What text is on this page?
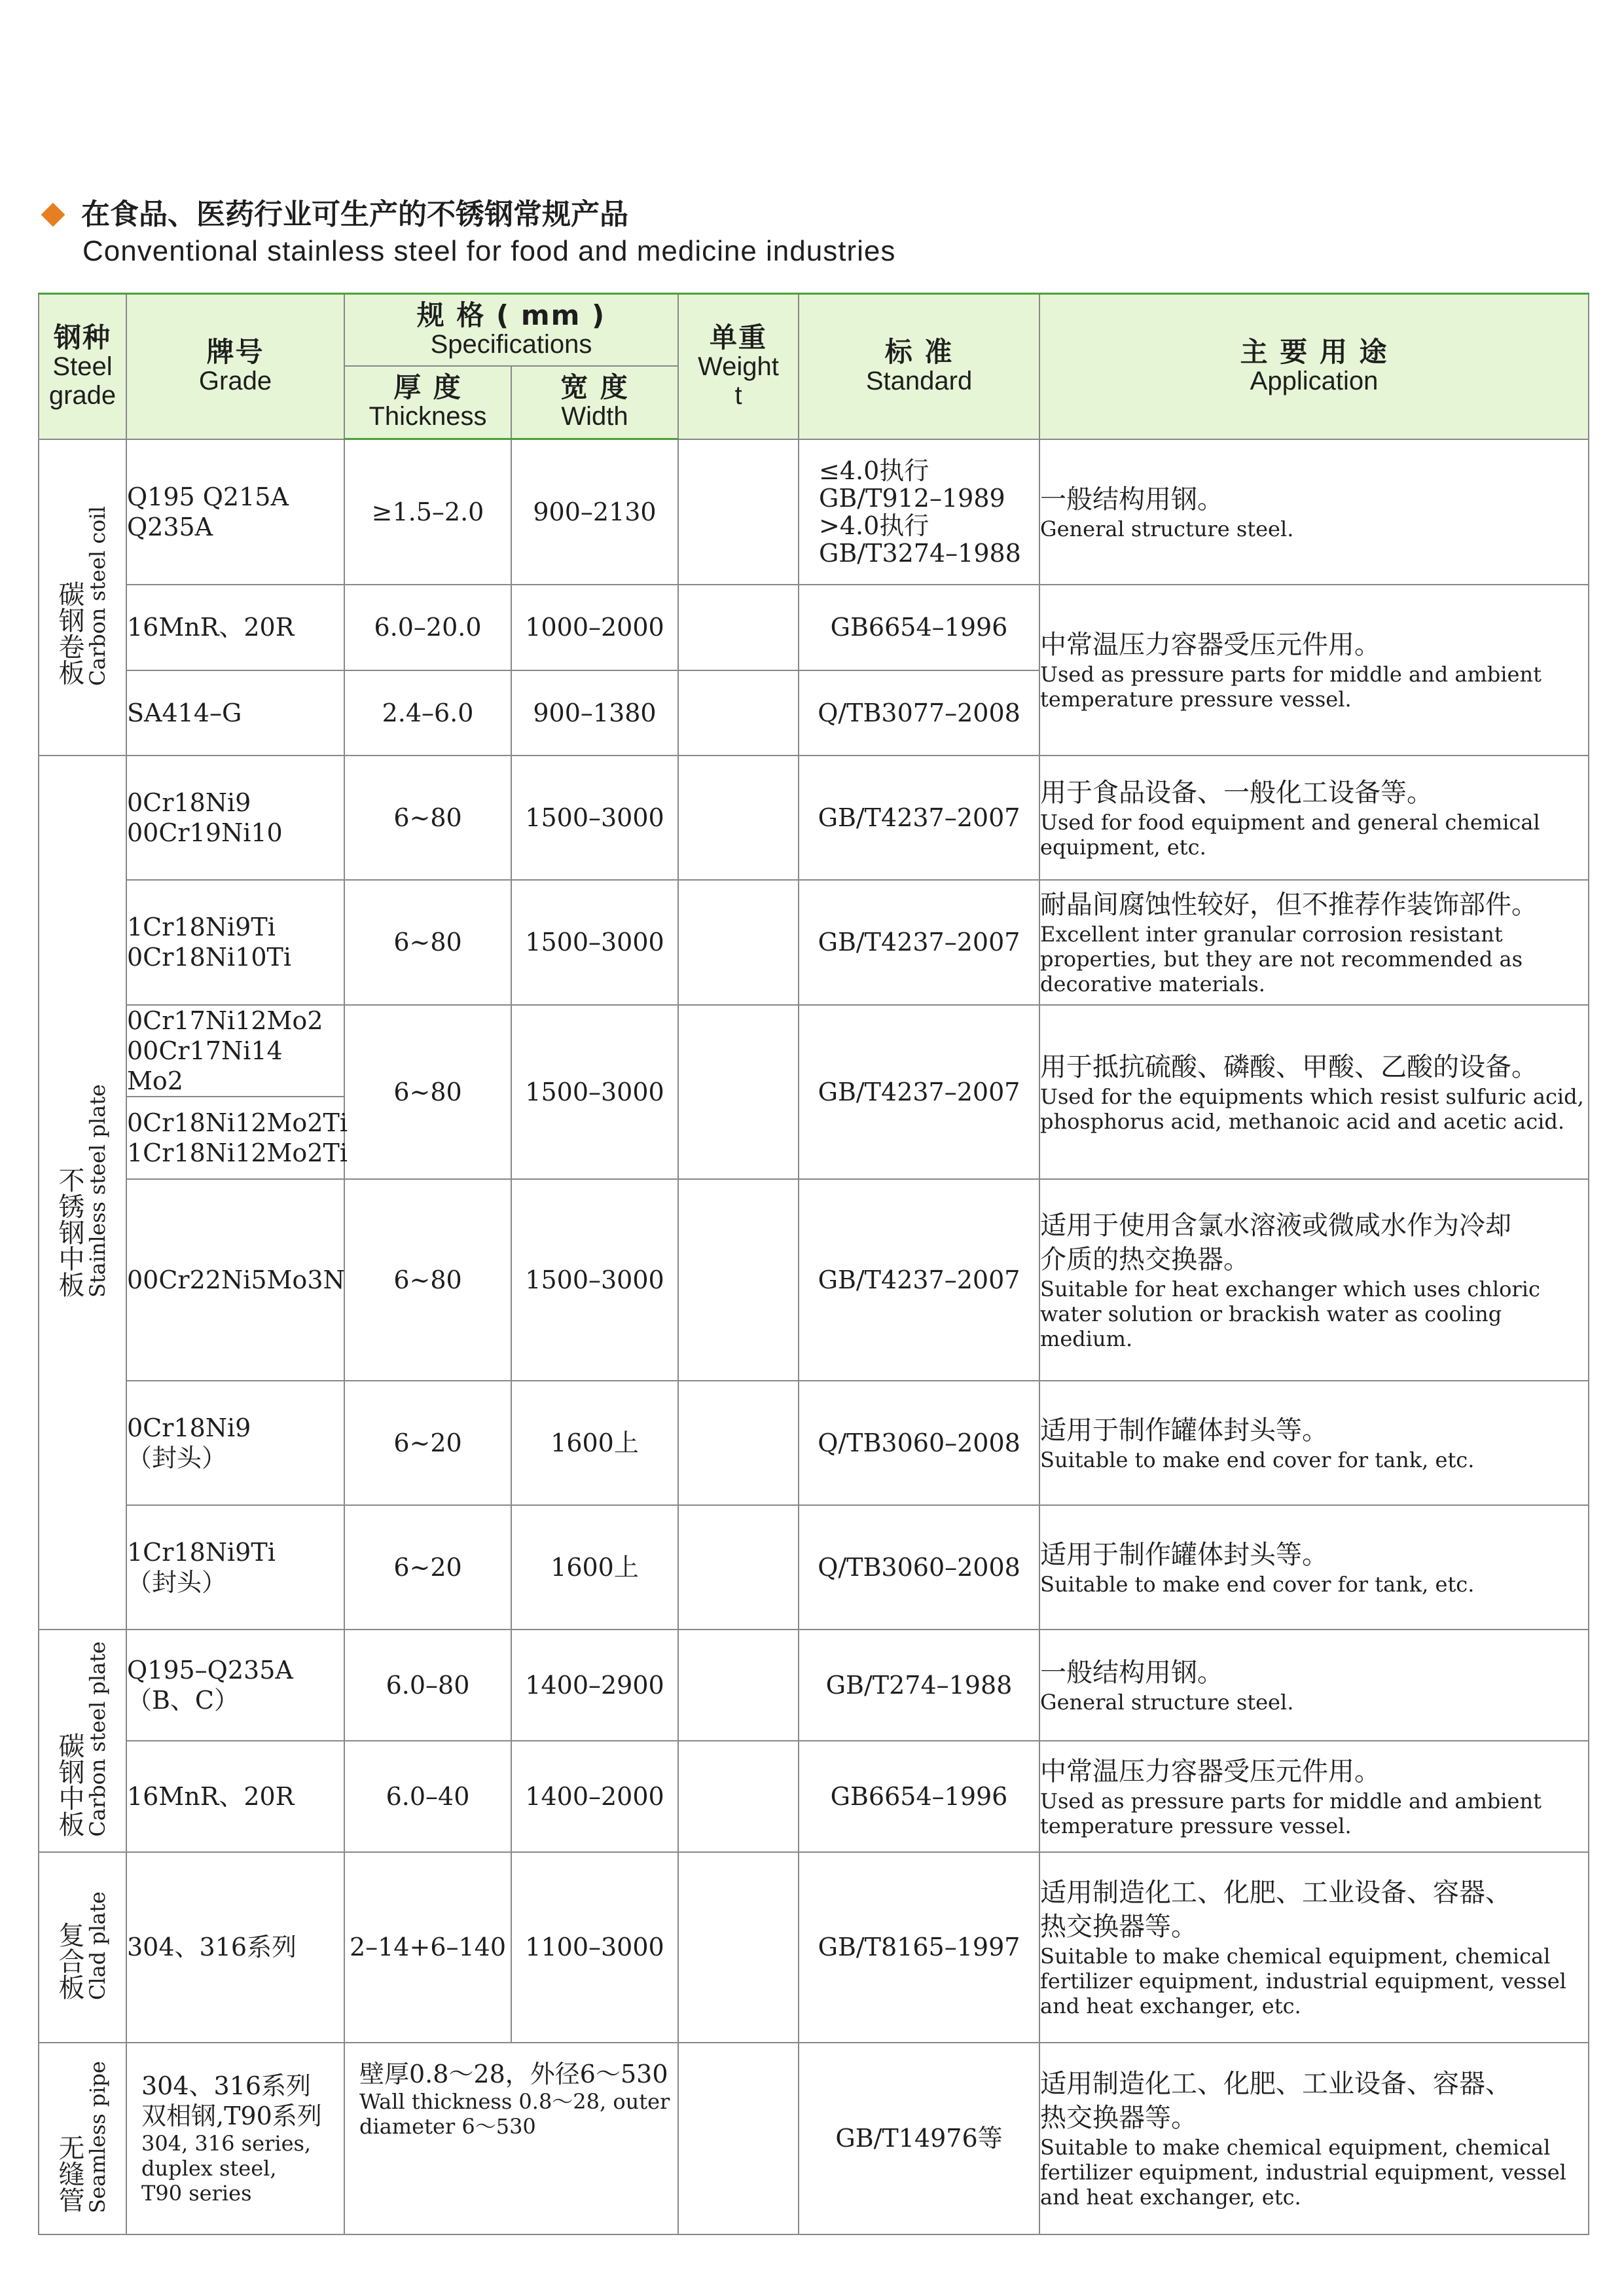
在食品、医药行业可生产的不锈钢常规产品
Conventional stainless steel for food and medicine industries
钢种
Steel
grade	牌号
Grade	规 格 ( mm )
Specifications		单重
Weight
t	标 准
Standard	主 要 用 途
Application

		厚 度
Thickness	宽 度
Width			

碳钢卷板Carbon steel coil	Q195 Q215A
Q235A	≥1.5–2.0	900–2130		≤4.0执行
GB/T912–1989
>4.0执行
GB/T3274–1988	一般结构用钢。
General structure steel.

	16MnR、20R	6.0–20.0	1000–2000		GB6654–1996	中常温压力容器受压元件用。
Used as pressure parts for middle and ambient temperature pressure vessel.

	SA414–G	2.4–6.0	900–1380		Q/TB3077–2008	
不锈钢中板Stainless steel plate	0Cr18Ni9
00Cr19Ni10	6~80	1500–3000		GB/T4237–2007	用于食品设备、一般化工设备等。
Used for food equipment and general chemical equipment, etc.

	1Cr18Ni9Ti
0Cr18Ni10Ti	6~80	1500–3000		GB/T4237–2007	耐晶间腐蚀性较好，但不推荐作装饰部件。
Excellent inter granular corrosion resistant properties, but they are not recommended as decorative materials.

	0Cr17Ni12Mo2
00Cr17Ni14 Mo2	6~80	1500–3000		GB/T4237–2007	用于抵抗硫酸、磷酸、甲酸、乙酸的设备。
Used for the equipments which resist sulfuric acid, phosphorus acid, methanoic acid and acetic acid.

	0Cr18Ni12Mo2Ti
1Cr18Ni12Mo2Ti					
	00Cr22Ni5Mo3N	6~80	1500–3000		GB/T4237–2007	适用于使用含氯水溶液或微咸水作为冷却
介质的热交换器。
Suitable for heat exchanger which uses chloric water solution or brackish water as cooling medium.

	0Cr18Ni9
（封头）	6~20	1600上		Q/TB3060–2008	适用于制作罐体封头等。
Suitable to make end cover for tank, etc.

	1Cr18Ni9Ti
（封头）	6~20	1600上		Q/TB3060–2008	适用于制作罐体封头等。
Suitable to make end cover for tank, etc.

碳钢中板Carbon steel plate	Q195–Q235A
（B、C）	6.0–80	1400–2900		GB/T274–1988	一般结构用钢。
General structure steel.

	16MnR、20R	6.0–40	1400–2000		GB6654–1996	中常温压力容器受压元件用。
Used as pressure parts for middle and ambient temperature pressure vessel.

复合板Clad plate	304、316系列	2–14+6–140	1100–3000		GB/T8165–1997	适用制造化工、化肥、工业设备、容器、
热交换器等。
Suitable to make chemical equipment, chemical fertilizer equipment, industrial equipment, vessel and heat exchanger, etc.

无缝管Seamless pipe	304、316系列
双相钢,T90系列
304, 316 series,
duplex steel,
T90 series	壁厚0.8～28，外径6～530
Wall thickness 0.8～28, outer diameter 6～530			GB/T14976等	适用制造化工、化肥、工业设备、容器、
热交换器等。
Suitable to make chemical equipment, chemical fertilizer equipment, industrial equipment, vessel and heat exchanger, etc.
